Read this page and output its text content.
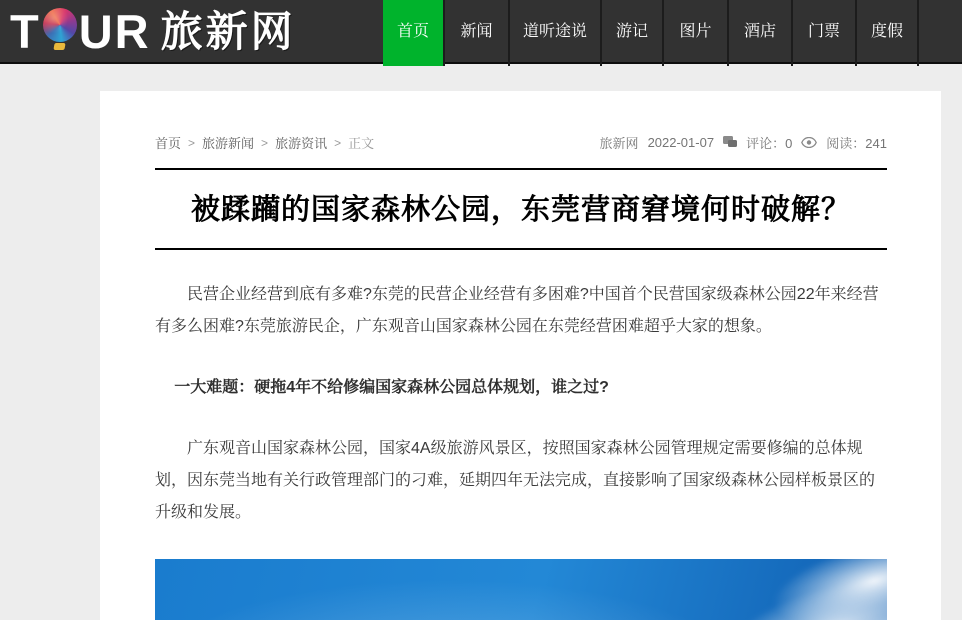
T UR 旅新网	首页	新闻	道听途说	游记	图片	酒店	门票	度假
首页 > 旅游新闻 > 旅游资讯 > 正文	旅新网 2022-01-07 评论：0	阅读：241
被蹂躏的国家森林公园，东莞营商窘境何时破解？

民营企业经营到底有多难?东莞的民营企业经营有多困难?中国首个民营国家级森林公园22年来经营有多么困难?东莞旅游民企，广东观音山国家森林公园在东莞经营困难超乎大家的想象。

一大难题：硬拖4年不给修编国家森林公园总体规划，谁之过?

广东观音山国家森林公园，国家4A级旅游风景区，按照国家森林公园管理规定需要修编的总体规划，因东莞当地有关行政管理部门的刁难，延期四年无法完成，直接影响了国家级森林公园样板景区的升级和发展。
